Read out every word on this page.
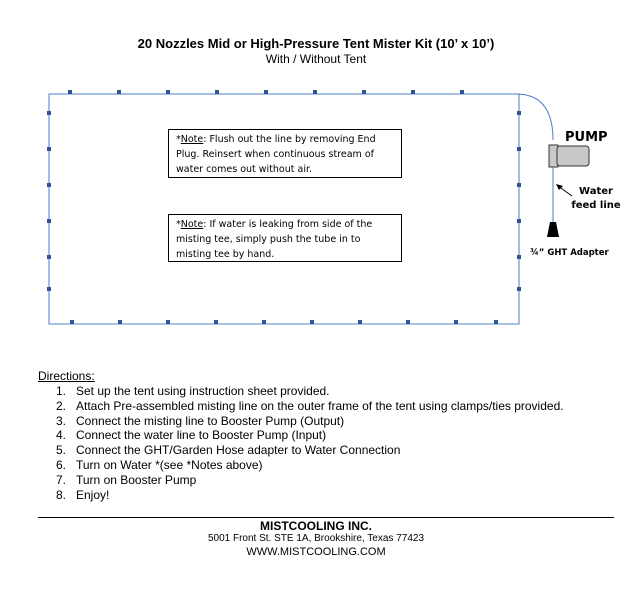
20 Nozzles Mid or High-Pressure Tent Mister Kit (10’ x 10’)
With / Without Tent
*Note: Flush out the line by removing End Plug. Reinsert when continuous stream of water comes out without air.
*Note: If water is leaking from side of the misting tee, simply push the tube in to misting tee by hand.
PUMP
Water feed line
¾” GHT Adapter
Directions:
1. Set up the tent using instruction sheet provided.
2. Attach Pre-assembled misting line on the outer frame of the tent using clamps/ties provided.
3. Connect the misting line to Booster Pump (Output)
4. Connect the water line to Booster Pump (Input)
5. Connect the GHT/Garden Hose adapter to Water Connection
6. Turn on Water *(see *Notes above)
7. Turn on Booster Pump
8. Enjoy!
MISTCOOLING INC.
5001 Front St. STE 1A, Brookshire, Texas 77423
WWW.MISTCOOLING.COM
